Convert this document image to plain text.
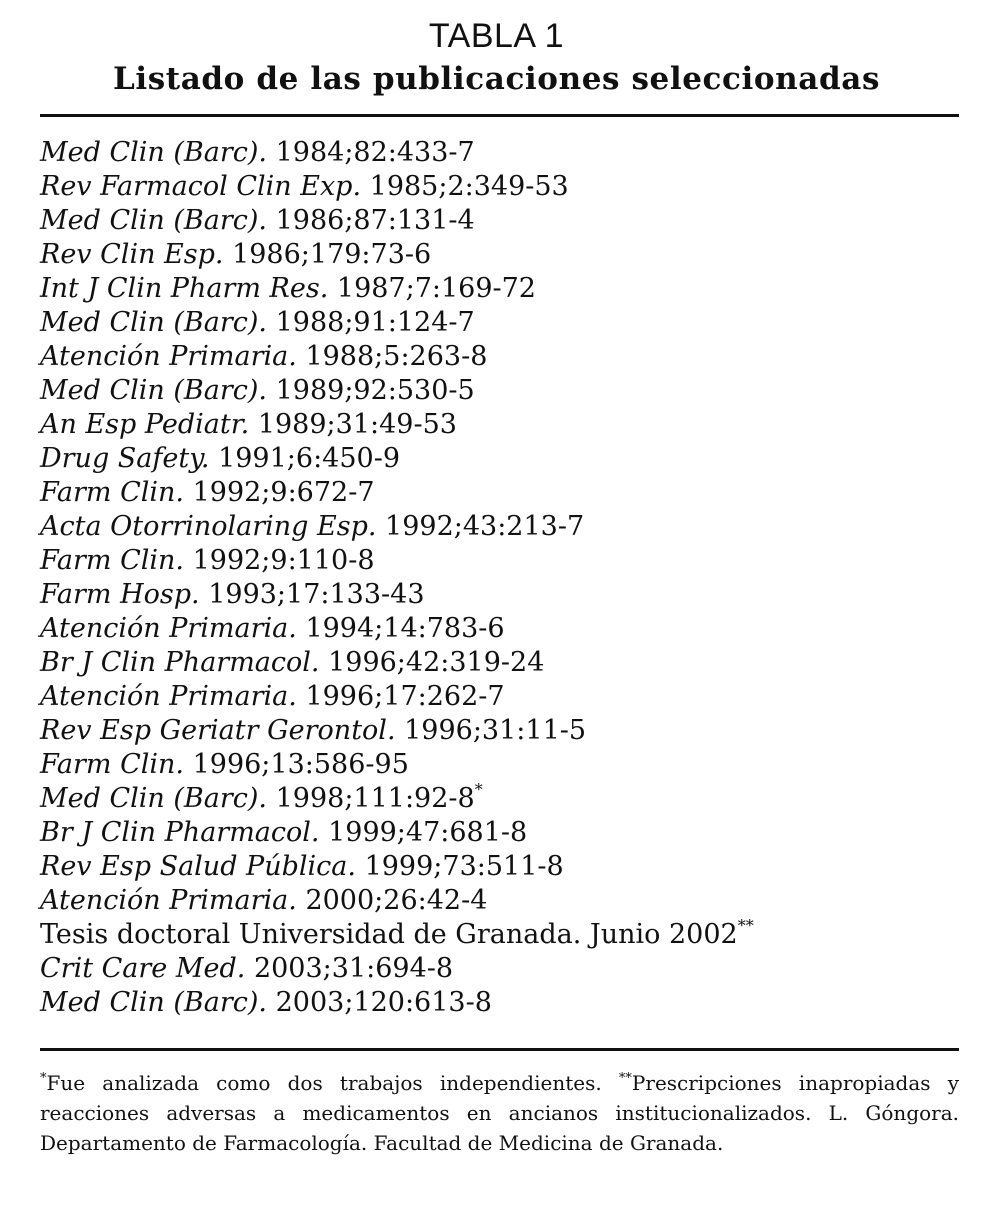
TABLA 1
Listado de las publicaciones seleccionadas
Med Clin (Barc). 1984;82:433-7
Rev Farmacol Clin Exp. 1985;2:349-53
Med Clin (Barc). 1986;87:131-4
Rev Clin Esp. 1986;179:73-6
Int J Clin Pharm Res. 1987;7:169-72
Med Clin (Barc). 1988;91:124-7
Atención Primaria. 1988;5:263-8
Med Clin (Barc). 1989;92:530-5
An Esp Pediatr. 1989;31:49-53
Drug Safety. 1991;6:450-9
Farm Clin. 1992;9:672-7
Acta Otorrinolaring Esp. 1992;43:213-7
Farm Clin. 1992;9:110-8
Farm Hosp. 1993;17:133-43
Atención Primaria. 1994;14:783-6
Br J Clin Pharmacol. 1996;42:319-24
Atención Primaria. 1996;17:262-7
Rev Esp Geriatr Gerontol. 1996;31:11-5
Farm Clin. 1996;13:586-95
Med Clin (Barc). 1998;111:92-8*
Br J Clin Pharmacol. 1999;47:681-8
Rev Esp Salud Pública. 1999;73:511-8
Atención Primaria. 2000;26:42-4
Tesis doctoral Universidad de Granada. Junio 2002**
Crit Care Med. 2003;31:694-8
Med Clin (Barc). 2003;120:613-8

*Fue analizada como dos trabajos independientes. **Prescripciones inapropiadas y reacciones adversas a medicamentos en ancianos institucionalizados. L. Góngora. Departamento de Farmacología. Facultad de Medicina de Granada.
